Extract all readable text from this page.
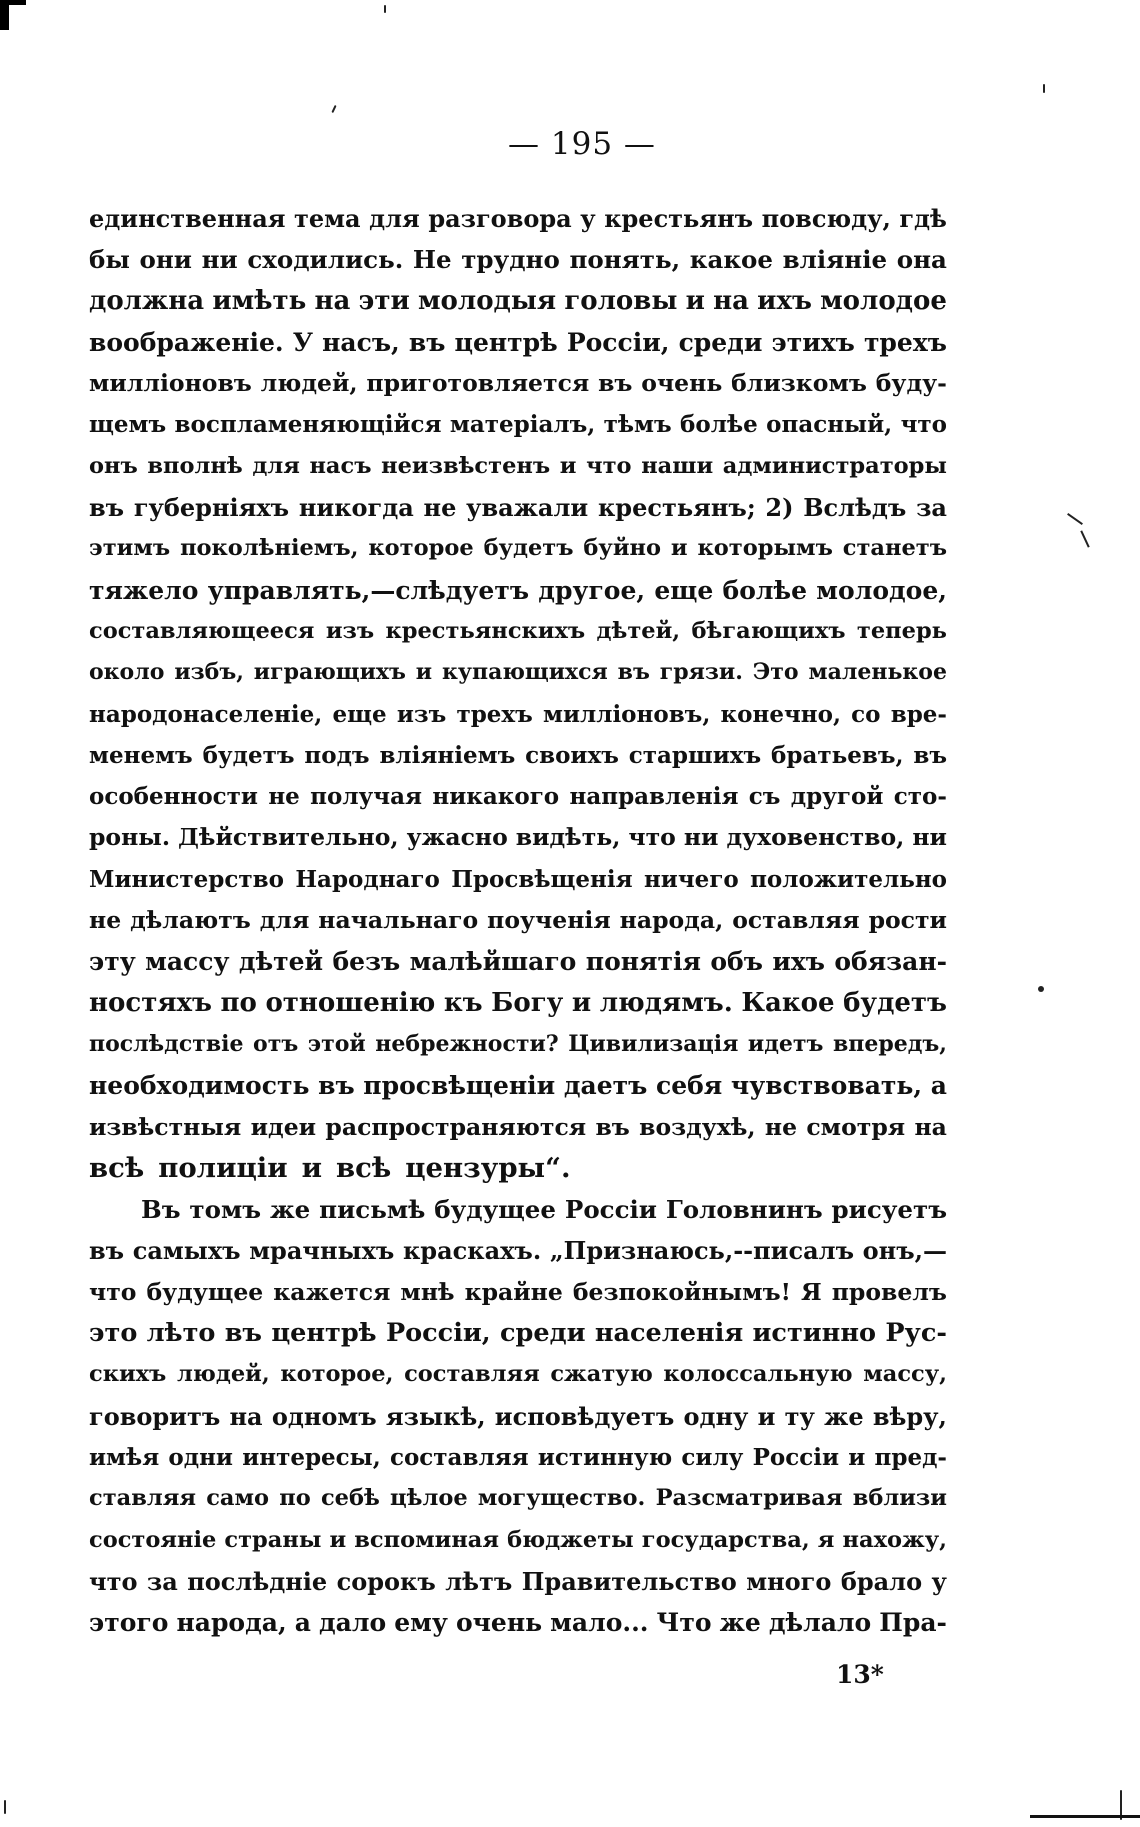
— 195 —
единственная тема для разговора у крестьянъ повсюду, гдѣ
бы они ни сходились. Не трудно понять, какое вліяніе она
должна имѣть на эти молодыя головы и на ихъ молодое
воображеніе. У насъ, въ центрѣ Россіи, среди этихъ трехъ
милліоновъ людей, приготовляется въ очень близкомъ буду-
щемъ воспламеняющійся матеріалъ, тѣмъ болѣе опасный, что
онъ вполнѣ для насъ неизвѣстенъ и что наши администраторы
въ губерніяхъ никогда не уважали крестьянъ; 2) Вслѣдъ за
этимъ поколѣніемъ, которое будетъ буйно и которымъ станетъ
тяжело управлять,—слѣдуетъ другое, еще болѣе молодое,
составляющееся изъ крестьянскихъ дѣтей, бѣгающихъ теперь
около избъ, играющихъ и купающихся въ грязи. Это маленькое
народонаселеніе, еще изъ трехъ милліоновъ, конечно, со вре-
менемъ будетъ подъ вліяніемъ своихъ старшихъ братьевъ, въ
особенности не получая никакого направленія съ другой сто-
роны. Дѣйствительно, ужасно видѣть, что ни духовенство, ни
Министерство Народнаго Просвѣщенія ничего положительно
не дѣлаютъ для начальнаго поученія народа, оставляя рости
эту массу дѣтей безъ малѣйшаго понятія объ ихъ обязан-
ностяхъ по отношенію къ Богу и людямъ. Какое будетъ
послѣдствіе отъ этой небрежности? Цивилизація идетъ впередъ,
необходимость въ просвѣщеніи даетъ себя чувствовать, а
извѣстныя идеи распространяются въ воздухѣ, не смотря на
всѣ полиціи и всѣ цензуры“.
Въ томъ же письмѣ будущее Россіи Головнинъ рисуетъ
въ самыхъ мрачныхъ краскахъ. „Признаюсь,--писалъ онъ,—
что будущее кажется мнѣ крайне безпокойнымъ! Я провелъ
это лѣто въ центрѣ Россіи, среди населенія истинно Рус-
скихъ людей, которое, составляя сжатую колоссальную массу,
говоритъ на одномъ языкѣ, исповѣдуетъ одну и ту же вѣру,
имѣя одни интересы, составляя истинную силу Россіи и пред-
ставляя само по себѣ цѣлое могущество. Разсматривая вблизи
состояніе страны и вспоминая бюджеты государства, я нахожу,
что за послѣдніе сорокъ лѣтъ Правительство много брало у
этого народа, а дало ему очень мало... Что же дѣлало Пра-
13*
